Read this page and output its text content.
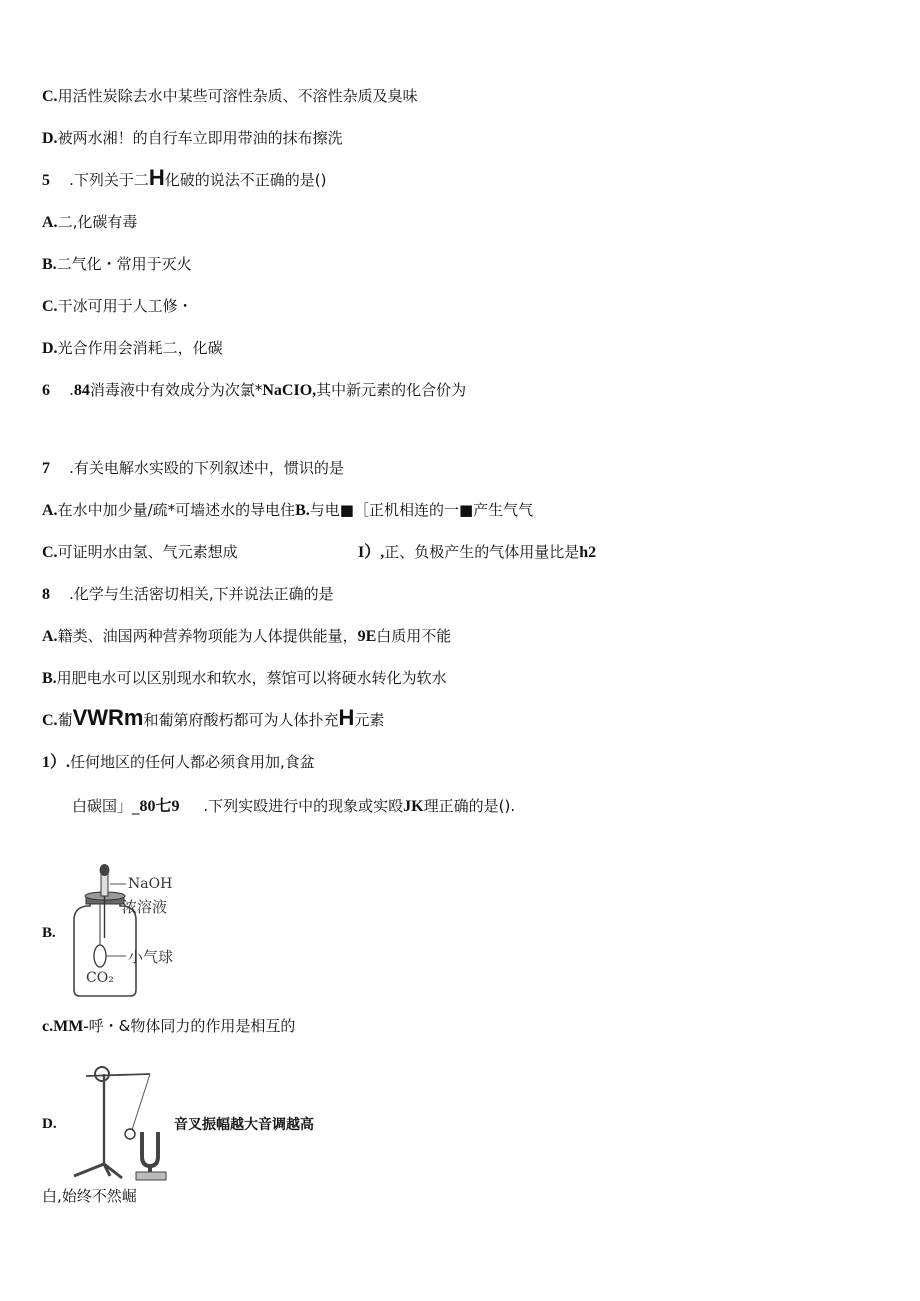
C.用活性炭除去水中某些可溶性杂质、不溶性杂质及臭味
D.被两水湘！的自行车立即用带油的抹布擦洗
5 .下列关于二H化破的说法不正确的是()
A.二,化碳有毒
B.二气化・常用于灭火
C.干冰可用于人工修・
D.光合作用会消耗二，化碳
6 .84消毒液中有效成分为次氯*NaCIO,其中新元素的化合价为
7 .有关电解水实殴的下列叙述中，惯识的是
A.在水中加少量/疏*可墙述水的导电住B.与电■［正机相连的一■产生气气
C.可证明水由氢、气元素想成	I）,正、负极产生的气体用量比是h2
8 .化学与生活密切相关,下并说法正确的是
A.籍类、油国两种营养物项能为人体提供能量，9E白质用不能
B.用肥电水可以区别现水和软水，蔡馆可以将硬水转化为软水
C.葡VWRm和葡第府酸朽都可为人体扑充H元素
1）.任何地区的任何人都必须食用加,食盆
白碳国」_80七9 .下列实殴进行中的现象或实殴JK理正确的是().
B.
NaOH
浓溶液
小气球
CO₂
c.MM-呼・&物体同力的作用是相互的
D.	音叉振幅越大音调越高
白,始终不然崛
